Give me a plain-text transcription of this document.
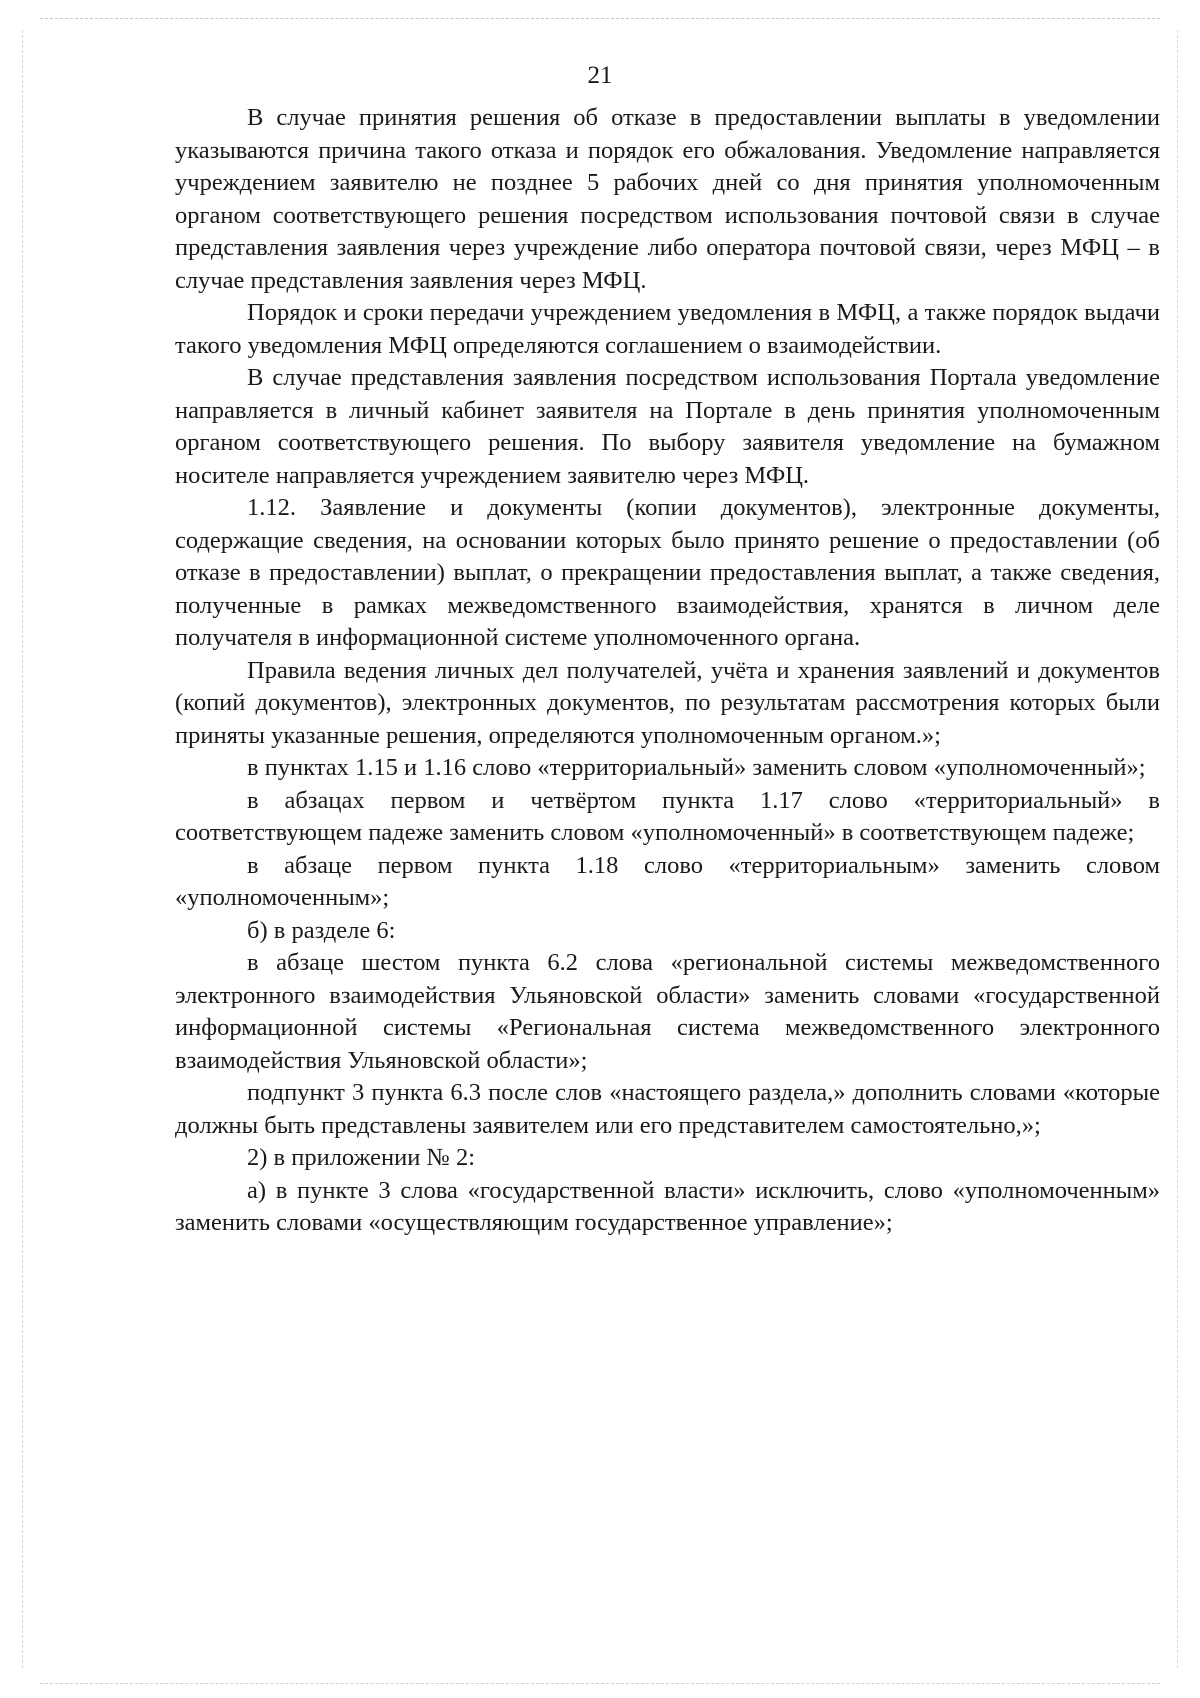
21

В случае принятия решения об отказе в предоставлении выплаты в уведомлении указываются причина такого отказа и порядок его обжалования. Уведомление направляется учреждением заявителю не позднее 5 рабочих дней со дня принятия уполномоченным органом соответствующего решения посредством использования почтовой связи в случае представления заявления через учреждение либо оператора почтовой связи, через МФЦ – в случае представления заявления через МФЦ.

Порядок и сроки передачи учреждением уведомления в МФЦ, а также порядок выдачи такого уведомления МФЦ определяются соглашением о взаимодействии.

В случае представления заявления посредством использования Портала уведомление направляется в личный кабинет заявителя на Портале в день принятия уполномоченным органом соответствующего решения. По выбору заявителя уведомление на бумажном носителе направляется учреждением заявителю через МФЦ.

1.12. Заявление и документы (копии документов), электронные документы, содержащие сведения, на основании которых было принято решение о предоставлении (об отказе в предоставлении) выплат, о прекращении предоставления выплат, а также сведения, полученные в рамках межведомственного взаимодействия, хранятся в личном деле получателя в информационной системе уполномоченного органа.

Правила ведения личных дел получателей, учёта и хранения заявлений и документов (копий документов), электронных документов, по результатам рассмотрения которых были приняты указанные решения, определяются уполномоченным органом.»;

в пунктах 1.15 и 1.16 слово «территориальный» заменить словом «уполномоченный»;

в абзацах первом и четвёртом пункта 1.17 слово «территориальный» в соответствующем падеже заменить словом «уполномоченный» в соответствующем падеже;

в абзаце первом пункта 1.18 слово «территориальным» заменить словом «уполномоченным»;

б) в разделе 6:

в абзаце шестом пункта 6.2 слова «региональной системы межведомственного электронного взаимодействия Ульяновской области» заменить словами «государственной информационной системы «Региональная система межведомственного электронного взаимодействия Ульяновской области»;

подпункт 3 пункта 6.3 после слов «настоящего раздела,» дополнить словами «которые должны быть представлены заявителем или его представителем самостоятельно,»;

2) в приложении № 2:

а) в пункте 3 слова «государственной власти» исключить, слово «уполномоченным» заменить словами «осуществляющим государственное управление»;
